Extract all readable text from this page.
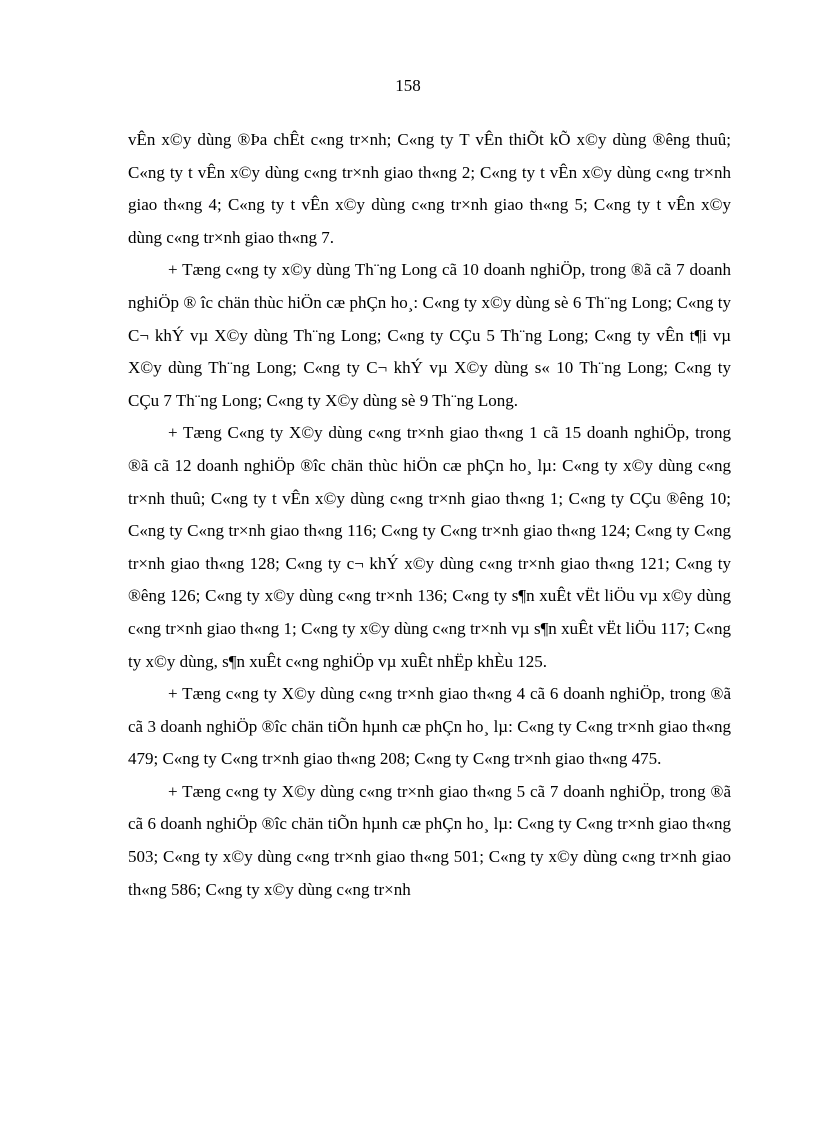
158

vÊn x©y dùng ®Þa chÊt c«ng tr×nh; C«ng ty T vÊn thiÕt kÕ x©y dùng ®êng thuû; C«ng ty t vÊn x©y dùng c«ng tr×nh giao th«ng 2; C«ng ty t vÊn x©y dùng c«ng tr×nh giao th«ng 4; C«ng ty t vÊn x©y dùng c«ng tr×nh giao th«ng 5; C«ng ty t vÊn x©y dùng c«ng tr×nh giao th«ng 7.

+ Tæng c«ng ty x©y dùng Th¨ng Long cã 10 doanh nghiÖp, trong ®ã cã 7 doanh nghiÖp ® îc chän thùc hiÖn cæ phÇn ho¸: C«ng ty x©y dùng sè 6 Th¨ng Long; C«ng ty C¬ khÝ vµ X©y dùng Th¨ng Long; C«ng ty CÇu 5 Th¨ng Long; C«ng ty vÊn t¶i vµ X©y dùng Th¨ng Long; C«ng ty C¬ khÝ vµ X©y dùng s« 10 Th¨ng Long; C«ng ty CÇu 7 Th¨ng Long; C«ng ty X©y dùng sè 9 Th¨ng Long.

+ Tæng C«ng ty X©y dùng c«ng tr×nh giao th«ng 1 cã 15 doanh nghiÖp, trong ®ã cã 12 doanh nghiÖp ®îc chän thùc hiÖn cæ phÇn ho¸ lµ: C«ng ty x©y dùng c«ng tr×nh thuû; C«ng ty t vÊn x©y dùng c«ng tr×nh giao th«ng 1; C«ng ty CÇu ®êng 10; C«ng ty C«ng tr×nh giao th«ng 116; C«ng ty C«ng tr×nh giao th«ng 124; C«ng ty C«ng tr×nh giao th«ng 128; C«ng ty c¬ khÝ x©y dùng c«ng tr×nh giao th«ng 121; C«ng ty ®êng 126; C«ng ty x©y dùng c«ng tr×nh 136; C«ng ty s¶n xuÊt vËt liÖu vµ x©y dùng c«ng tr×nh giao th«ng 1; C«ng ty x©y dùng c«ng tr×nh vµ s¶n xuÊt vËt liÖu 117; C«ng ty x©y dùng, s¶n xuÊt c«ng nghiÖp vµ xuÊt nhËp khÈu 125.

+ Tæng c«ng ty X©y dùng c«ng tr×nh giao th«ng 4 cã 6 doanh nghiÖp, trong ®ã cã 3 doanh nghiÖp ®îc chän tiÕn hµnh cæ phÇn ho¸ lµ: C«ng ty C«ng tr×nh giao th«ng 479; C«ng ty C«ng tr×nh giao th«ng 208; C«ng ty C«ng tr×nh giao th«ng 475.

+ Tæng c«ng ty X©y dùng c«ng tr×nh giao th«ng 5 cã 7 doanh nghiÖp, trong ®ã cã 6 doanh nghiÖp ®îc chän tiÕn hµnh cæ phÇn ho¸ lµ: C«ng ty C«ng tr×nh giao th«ng 503; C«ng ty x©y dùng c«ng tr×nh giao th«ng 501; C«ng ty x©y dùng c«ng tr×nh giao th«ng 586; C«ng ty x©y dùng c«ng tr×nh
